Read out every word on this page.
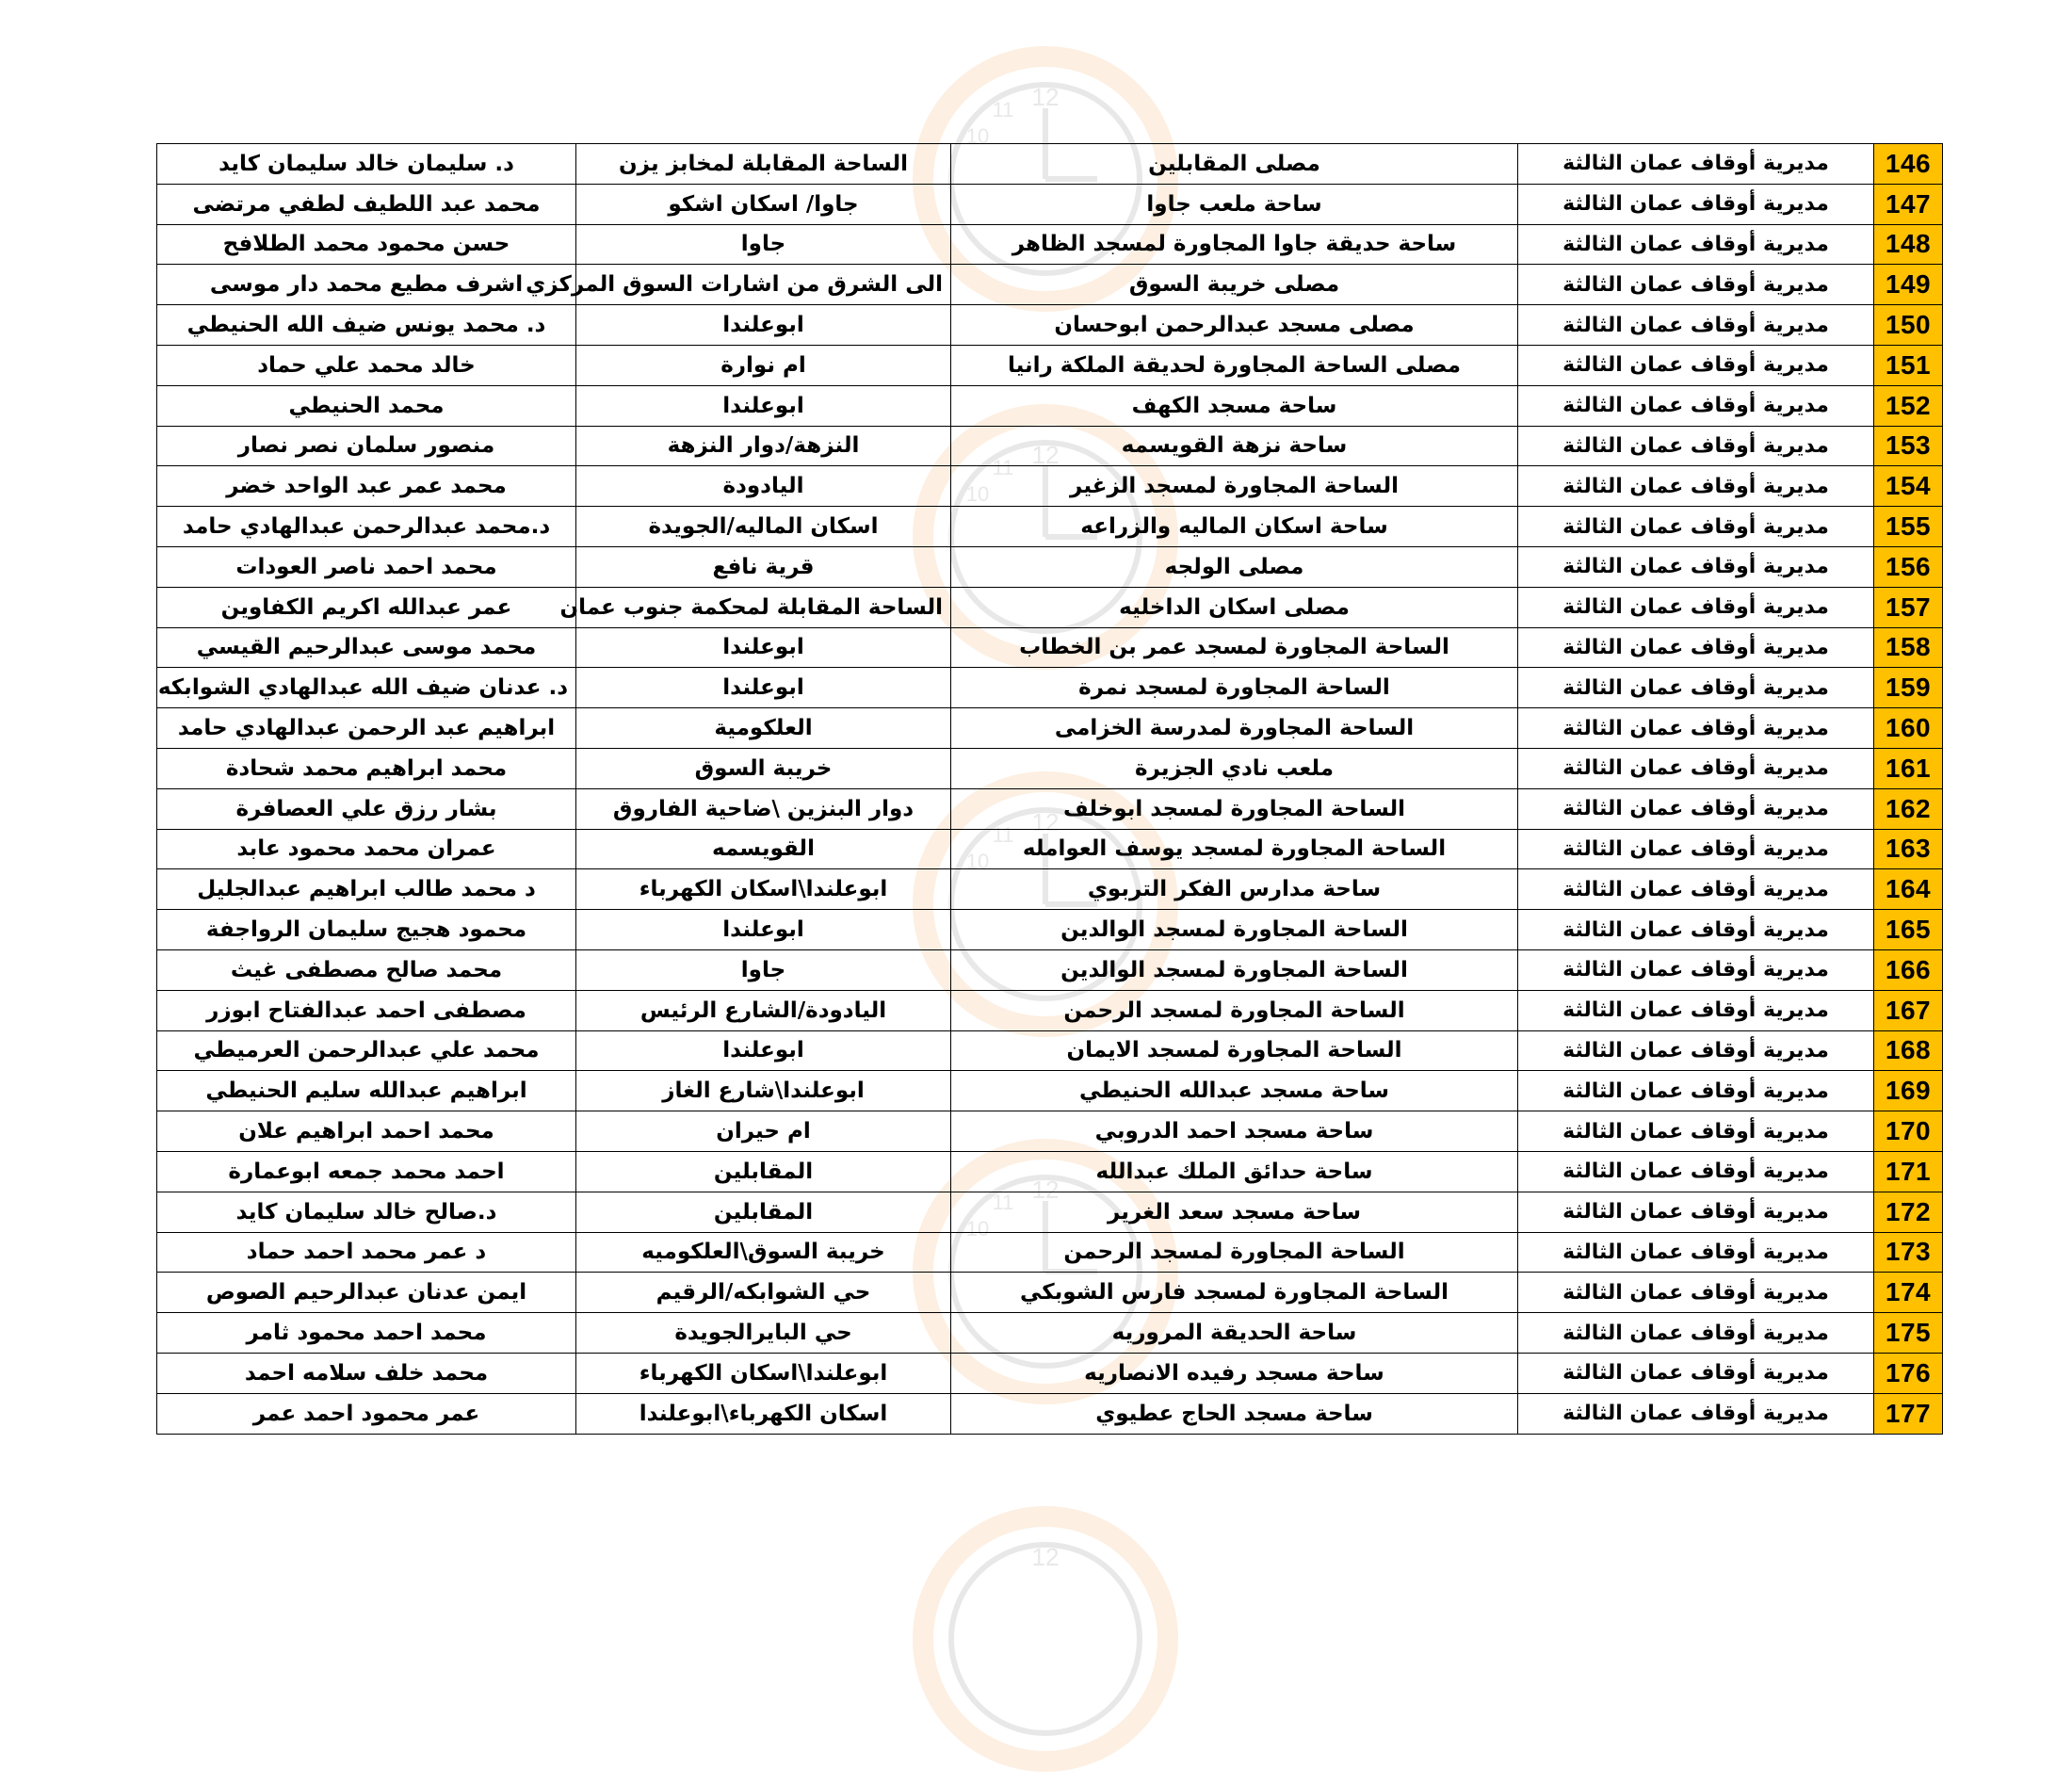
12
11
10
12
11
10
12
11
10
12
11
10
12
146	مديرية أوقاف عمان الثالثة	مصلى المقابلين	الساحة المقابلة لمخابز يزن	د. سليمان خالد سليمان كايد
147	مديرية أوقاف عمان الثالثة	ساحة ملعب جاوا	جاوا/ اسكان اشكو	محمد عبد اللطيف لطفي مرتضى
148	مديرية أوقاف عمان الثالثة	ساحة حديقة جاوا المجاورة لمسجد الظاهر	جاوا	حسن محمود محمد الطلافح
149	مديرية أوقاف عمان الثالثة	مصلى خريبة السوق	الى الشرق من اشارات السوق المركزي	اشرف مطيع محمد دار موسى
150	مديرية أوقاف عمان الثالثة	مصلى مسجد عبدالرحمن ابوحسان	ابوعلندا	د. محمد يونس ضيف الله الحنيطي
151	مديرية أوقاف عمان الثالثة	مصلى الساحة المجاورة لحديقة الملكة رانيا	ام نوارة	خالد محمد علي حماد
152	مديرية أوقاف عمان الثالثة	ساحة مسجد الكهف	ابوعلندا	محمد الحنيطي
153	مديرية أوقاف عمان الثالثة	ساحة نزهة القويسمه	النزهة/دوار النزهة	منصور سلمان نصر نصار
154	مديرية أوقاف عمان الثالثة	الساحة المجاورة لمسجد الزغير	اليادودة	محمد عمر عبد الواحد خضر
155	مديرية أوقاف عمان الثالثة	ساحة اسكان الماليه والزراعه	اسكان الماليه/الجويدة	د.محمد عبدالرحمن عبدالهادي حامد
156	مديرية أوقاف عمان الثالثة	مصلى الولجه	قرية نافع	محمد احمد ناصر العودات
157	مديرية أوقاف عمان الثالثة	مصلى اسكان الداخليه	الساحة المقابلة لمحكمة جنوب عمان	عمر عبدالله اكريم الكفاوين
158	مديرية أوقاف عمان الثالثة	الساحة المجاورة لمسجد عمر بن الخطاب	ابوعلندا	محمد موسى عبدالرحيم القيسي
159	مديرية أوقاف عمان الثالثة	الساحة المجاورة لمسجد نمرة	ابوعلندا	د. عدنان ضيف الله عبدالهادي الشوابكه
160	مديرية أوقاف عمان الثالثة	الساحة المجاورة لمدرسة الخزامى	العلكومية	ابراهيم عبد الرحمن عبدالهادي حامد
161	مديرية أوقاف عمان الثالثة	ملعب نادي الجزيرة	خريبة السوق	محمد ابراهيم محمد شحادة
162	مديرية أوقاف عمان الثالثة	الساحة المجاورة لمسجد ابوخلف	دوار البنزين \ضاحية الفاروق	بشار رزق علي العصافرة
163	مديرية أوقاف عمان الثالثة	الساحة المجاورة لمسجد يوسف العوامله	القويسمه	عمران محمد محمود عابد
164	مديرية أوقاف عمان الثالثة	ساحة مدارس الفكر التربوي	ابوعلندا\اسكان الكهرباء	د محمد طالب ابراهيم عبدالجليل
165	مديرية أوقاف عمان الثالثة	الساحة المجاورة لمسجد الوالدين	ابوعلندا	محمود هجيج سليمان الرواجفة
166	مديرية أوقاف عمان الثالثة	الساحة المجاورة لمسجد الوالدين	جاوا	محمد صالح مصطفى غيث
167	مديرية أوقاف عمان الثالثة	الساحة المجاورة لمسجد الرحمن	اليادودة/الشارع الرئيس	مصطفى احمد عبدالفتاح ابوزر
168	مديرية أوقاف عمان الثالثة	الساحة المجاورة لمسجد الايمان	ابوعلندا	محمد علي عبدالرحمن العرميطي
169	مديرية أوقاف عمان الثالثة	ساحة مسجد عبدالله الحنيطي	ابوعلندا\شارع الغاز	ابراهيم عبدالله سليم الحنيطي
170	مديرية أوقاف عمان الثالثة	ساحة مسجد احمد الدروبي	ام حيران	محمد احمد ابراهيم علان
171	مديرية أوقاف عمان الثالثة	ساحة حدائق الملك عبدالله	المقابلين	احمد محمد جمعه ابوعمارة
172	مديرية أوقاف عمان الثالثة	ساحة مسجد سعد الغرير	المقابلين	د.صالح خالد سليمان كايد
173	مديرية أوقاف عمان الثالثة	الساحة المجاورة لمسجد الرحمن	خريبة السوق\العلكوميه	د عمر محمد احمد حماد
174	مديرية أوقاف عمان الثالثة	الساحة المجاورة لمسجد فارس الشوبكي	حي الشوابكه/الرقيم	ايمن عدنان عبدالرحيم الصوص
175	مديرية أوقاف عمان الثالثة	ساحة الحديقة المروريه	حي البايرالجويدة	محمد احمد محمود ثامر
176	مديرية أوقاف عمان الثالثة	ساحة مسجد رفيده الانصاريه	ابوعلندا\اسكان الكهرباء	محمد خلف سلامه احمد
177	مديرية أوقاف عمان الثالثة	ساحة مسجد الحاج عطيوي	اسكان الكهرباء\ابوعلندا	عمر محمود احمد عمر
